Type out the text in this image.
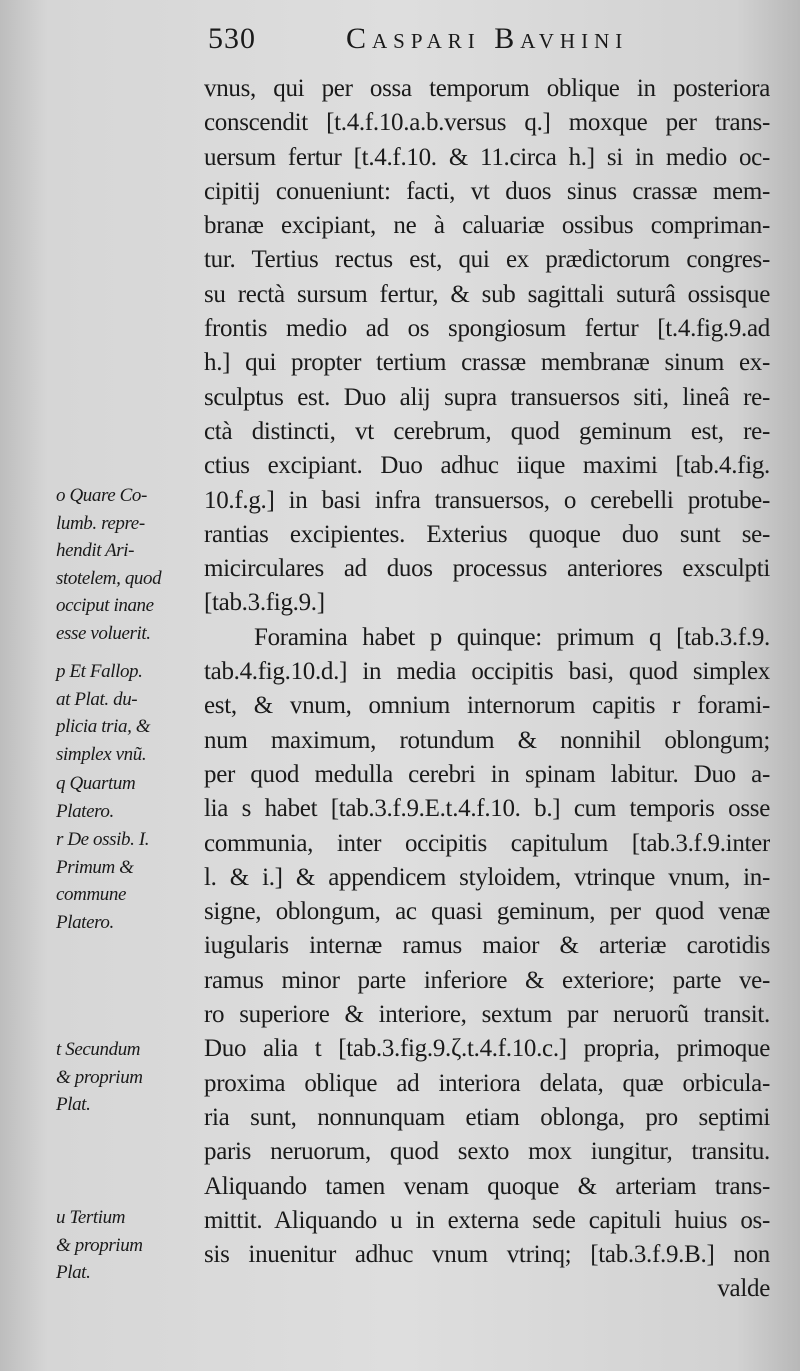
530	Caspari Bavhini
vnus, qui per ossa temporum oblique in posteriora
conscendit [t.4.f.10.a.b.versus q.] moxque per trans-
uersum fertur [t.4.f.10. & 11.circa h.] si in medio oc-
cipitij conueniunt: facti, vt duos sinus crassæ mem-
branæ excipiant, ne à caluariæ ossibus compriman-
tur. Tertius rectus est, qui ex prædictorum congres-
su rectà sursum fertur, & sub sagittali suturâ ossisque
frontis medio ad os spongiosum fertur [t.4.fig.9.ad
h.] qui propter tertium crassæ membranæ sinum ex-
sculptus est. Duo alij supra transuersos siti, lineâ re-
ctà distincti, vt cerebrum, quod geminum est, re-
ctius excipiant. Duo adhuc iique maximi [tab.4.fig.
10.f.g.] in basi infra transuersos, o cerebelli protube-
rantias excipientes. Exterius quoque duo sunt se-
micirculares ad duos processus anteriores exsculpti
[tab.3.fig.9.]
Foramina habet p quinque: primum q [tab.3.f.9.
tab.4.fig.10.d.] in media occipitis basi, quod simplex
est, & vnum, omnium internorum capitis r forami-
num maximum, rotundum & nonnihil oblongum;
per quod medulla cerebri in spinam labitur. Duo a-
lia s habet [tab.3.f.9.E.t.4.f.10. b.] cum temporis osse
communia, inter occipitis capitulum [tab.3.f.9.inter
l. & i.] & appendicem styloidem, vtrinque vnum, in-
signe, oblongum, ac quasi geminum, per quod venæ
iugularis internæ ramus maior & arteriæ carotidis
ramus minor parte inferiore & exteriore; parte ve-
ro superiore & interiore, sextum par neruorũ transit.
Duo alia t [tab.3.fig.9.ζ.t.4.f.10.c.] propria, primoque
proxima oblique ad interiora delata, quæ orbicula-
ria sunt, nonnunquam etiam oblonga, pro septimi
paris neruorum, quod sexto mox iungitur, transitu.
Aliquando tamen venam quoque & arteriam trans-
mittit. Aliquando u in externa sede capituli huius os-
sis inuenitur adhuc vnum vtrinq; [tab.3.f.9.B.] non
valde
o Quare Co-
lumb. repre-
hendit Ari-
stotelem, quod
occiput inane
esse voluerit.
p Et Fallop.
at Plat. du-
plicia tria, &
simplex vnũ.
q Quartum
Platero.
r De ossib. I.
Primum &
commune
Platero.
t Secundum
& proprium
Plat.
u Tertium
& proprium
Plat.
